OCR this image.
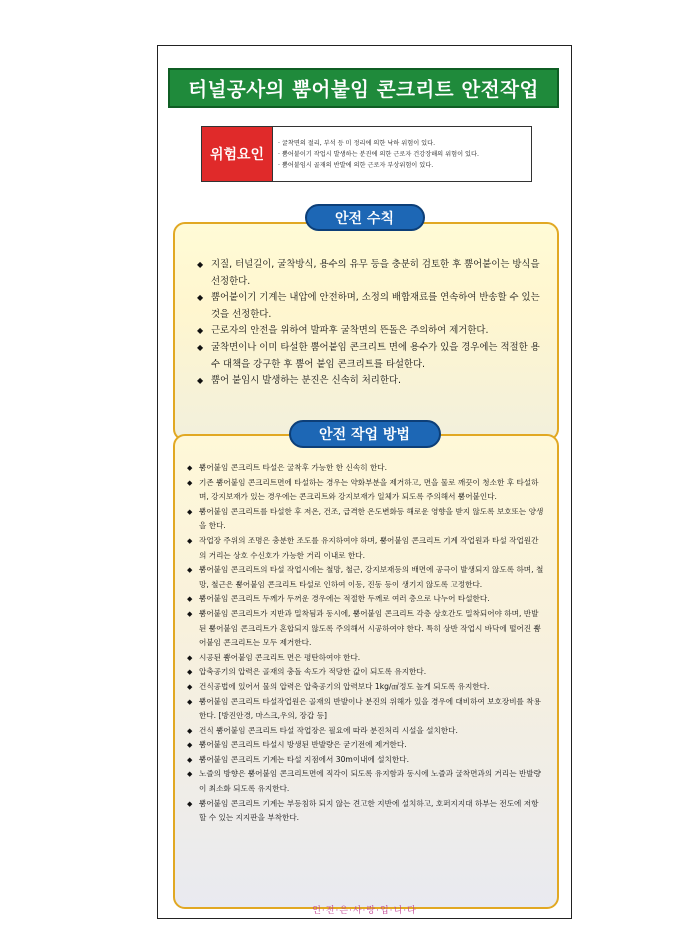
터널공사의 뿜어붙임 콘크리트 안전작업
위험요인
· 굴착면의 절리, 부석 등 미 정리에 의한 낙하 위험이 있다.
· 뿜어붙이기 작업시 발생하는 분진에 의한 근로자 건강장해의 위험이 있다.
· 뿜어붙임시 골재의 반발에 의한 근로자 부상위험이 있다.
◆ 지질, 터널길이, 굴착방식, 용수의 유무 등을 충분히 검토한 후 뿜어붙이는 방식을 선정한다.
◆ 뿜어붙이기 기계는 내압에 안전하며, 소정의 배합재료를 연속하여 반송할 수 있는 것을 선정한다.
◆ 근로자의 안전을 위하여 발파후 굴착면의 뜬돌은 주의하여 제거한다.
◆ 굴착면이나 이미 타설한 뿜어붙임 콘크리트 면에 용수가 있을 경우에는 적절한 용수 대책을 강구한 후 뿜어 붙임 콘크리트를 타설한다.
◆ 뿜어 붙임시 발생하는 분진은 신속히 처리한다.
안전 수칙
◆ 뿜어붙임 콘크리트 타설은 굴착후 가능한 한 신속히 한다.
◆ 기존 뿜어붙임 콘크리트면에 타설하는 경우는 약화부분을 제거하고, 면을 물로 깨끗이 청소한 후 타설하며, 강지보재가 있는 경우에는 콘크리트와 강지보재가 일체가 되도록 주의해서 뿜어붙인다.
◆ 뿜어붙임 콘크리트를 타설한 후 저온, 건조, 급격한 온도변화등 해로운 영향을 받지 않도록 보호또는 양생을 한다.
◆ 작업장 주위의 조명은 충분한 조도를 유지하여야 하며, 뿜어붙임 콘크리트 기계 작업원과 타설 작업원간의 거리는 상호 수신호가 가능한 거리 이내로 한다.
◆ 뿜어붙임 콘크리트의 타설 작업시에는 철망, 철근, 강지보재등의 배면에 공극이 발생되지 않도록 하며, 철망, 철근은 뿜어붙임 콘크리트 타설로 인하여 이동, 진동 등이 생기지 않도록 고정한다.
◆ 뿜어붙임 콘크리트 두께가 두꺼운 경우에는 적절한 두께로 여러 층으로 나누어 타설한다.
◆ 뿜어붙임 콘크리트가 지반과 밀착됨과 동시에, 뿜어붙임 콘크리트 각층 상호간도 밀착되어야 하며, 반발된 뿜어붙임 콘크리트가 혼합되지 않도록 주의해서 시공하여야 한다. 특히 상반 작업시 바닥에 떨어진 뿜어붙임 콘크리트는 모두 제거한다.
◆ 시공된 뿜어붙임 콘크리트 면은 평탄하여야 한다.
◆ 압축공기의 압력은 골재의 충돌 속도가 적당한 값이 되도록 유지한다.
◆ 건식공법에 있어서 물의 압력은 압축공기의 압력보다 1kg/㎠정도 높게 되도록 유지한다.
◆ 뿜어붙임 콘크리트 타설작업원은 골재의 반발이나 분진의 위해가 있을 경우에 대비하여 보호장비를 착용한다. [방진안경, 마스크,우의, 장갑 등]
◆ 건식 뿜어붙임 콘크리트 타설 작업장은 필요에 따라 분진처리 시설을 설치한다.
◆ 뿜어붙임 콘크리트 타설시 방생된 반발량은 굳기전에 제거한다.
◆ 뿜어붙임 콘크리트 기계는 타설 지점에서 30m이내에 설치한다.
◆ 노즐의 방향은 뿜어붙임 콘크리트면에 직각이 되도록 유지함과 동시에 노즐과 굴착면과의 거리는 반발량이 최소화 되도록 유지한다.
◆ 뿜어붙임 콘크리트 기계는 부등침하 되지 않는 견고한 지반에 설치하고, 호퍼지지대 하부는 전도에 저항할 수 있는 지지판을 부착한다.
안전 작업 방법
인·전·은·사·랑·입·니·다
